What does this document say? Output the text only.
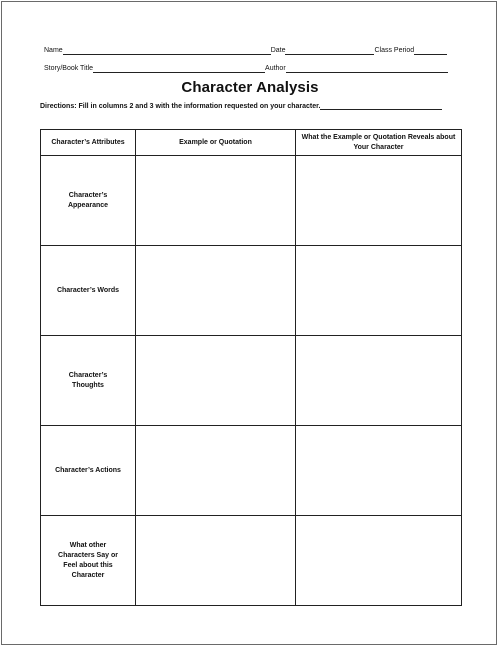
Name	Date	Class Period
Story/Book Title	Author
Character Analysis
Directions: Fill in columns 2 and 3 with the information requested on your character.
Character’s Attributes	Example or Quotation	What the Example or Quotation Reveals about Your Character
Character’s Appearance		
Character’s Words		
Character’s Thoughts		
Character’s Actions		
What other Characters Say or Feel about this Character		
